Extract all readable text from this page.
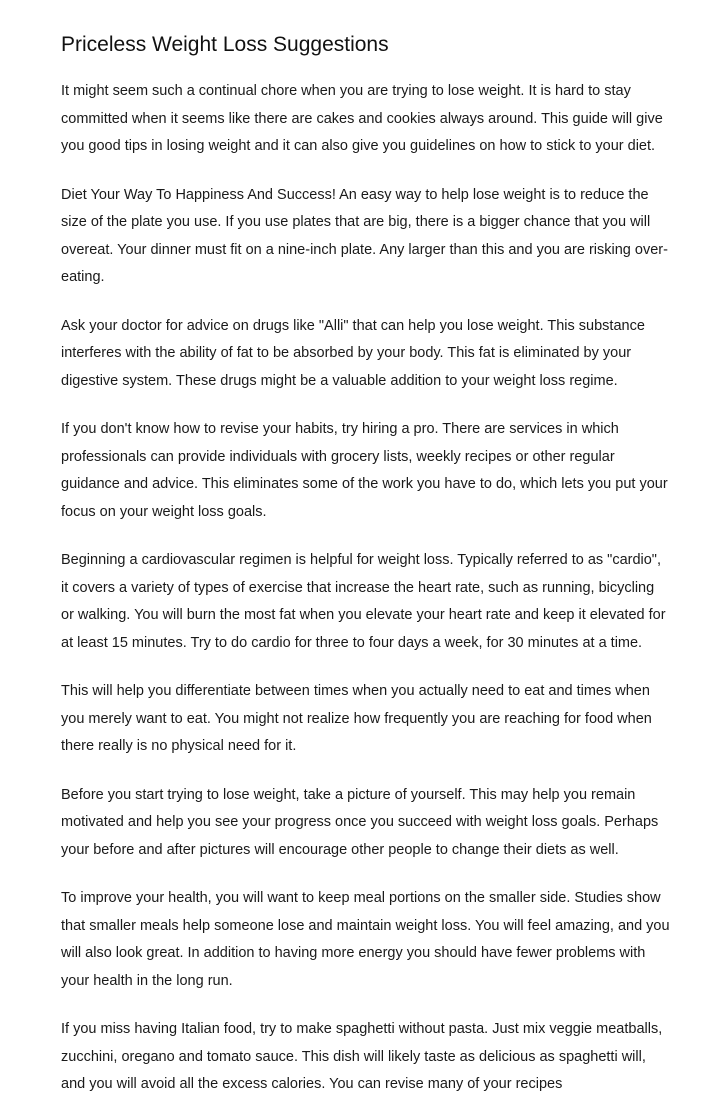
Priceless Weight Loss Suggestions

It might seem such a continual chore when you are trying to lose weight. It is hard to stay committed when it seems like there are cakes and cookies always around. This guide will give you good tips in losing weight and it can also give you guidelines on how to stick to your diet.

Diet Your Way To Happiness And Success! An easy way to help lose weight is to reduce the size of the plate you use. If you use plates that are big, there is a bigger chance that you will overeat. Your dinner must fit on a nine-inch plate. Any larger than this and you are risking over-eating.

Ask your doctor for advice on drugs like "Alli" that can help you lose weight. This substance interferes with the ability of fat to be absorbed by your body. This fat is eliminated by your digestive system. These drugs might be a valuable addition to your weight loss regime.

If you don't know how to revise your habits, try hiring a pro. There are services in which professionals can provide individuals with grocery lists, weekly recipes or other regular guidance and advice. This eliminates some of the work you have to do, which lets you put your focus on your weight loss goals.

Beginning a cardiovascular regimen is helpful for weight loss. Typically referred to as "cardio", it covers a variety of types of exercise that increase the heart rate, such as running, bicycling or walking. You will burn the most fat when you elevate your heart rate and keep it elevated for at least 15 minutes. Try to do cardio for three to four days a week, for 30 minutes at a time.

This will help you differentiate between times when you actually need to eat and times when you merely want to eat. You might not realize how frequently you are reaching for food when there really is no physical need for it.

Before you start trying to lose weight, take a picture of yourself. This may help you remain motivated and help you see your progress once you succeed with weight loss goals. Perhaps your before and after pictures will encourage other people to change their diets as well.

To improve your health, you will want to keep meal portions on the smaller side. Studies show that smaller meals help someone lose and maintain weight loss. You will feel amazing, and you will also look great. In addition to having more energy you should have fewer problems with your health in the long run.

If you miss having Italian food, try to make spaghetti without pasta. Just mix veggie meatballs, zucchini, oregano and tomato sauce. This dish will likely taste as delicious as spaghetti will, and you will avoid all the excess calories. You can revise many of your recipes
